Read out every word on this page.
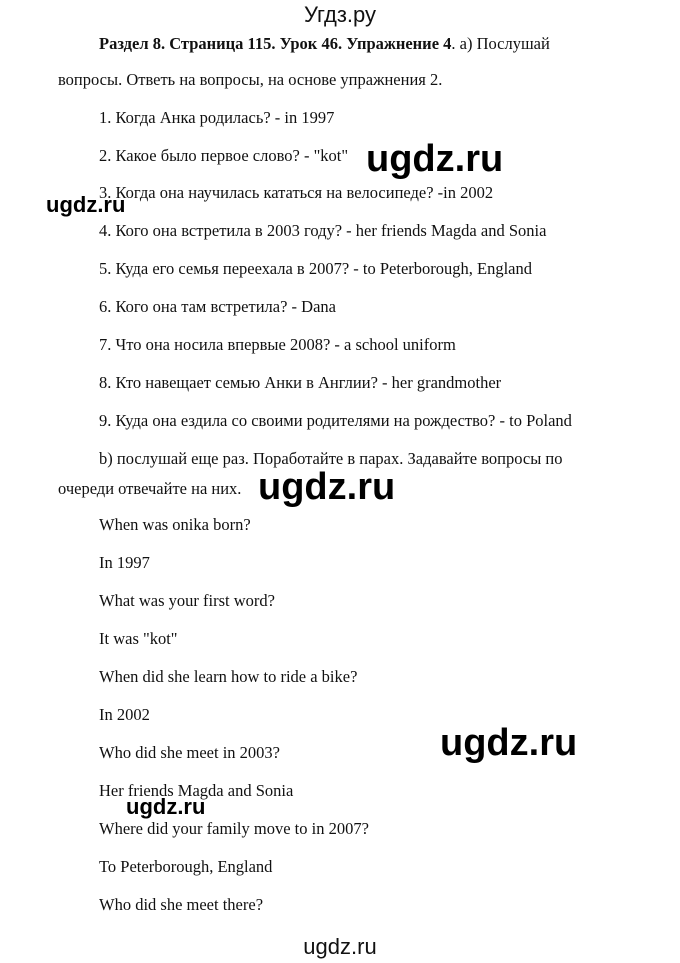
Угдз.ру
Раздел 8. Страница 115. Урок 46. Упражнение 4. а) Послушай
вопросы. Ответь на вопросы, на основе упражнения 2.
1. Когда Анка родилась? - in 1997
2. Какое было первое слово? - "kot"
3. Когда она научилась кататься на велосипеде? -in 2002
4. Кого она встретила в 2003 году? - her friends Magda and Sonia
5. Куда его семья переехала в 2007? - to Peterborough, England
6. Кого она там встретила? - Dana
7. Что она носила впервые 2008? - a school uniform
8. Кто навещает семью Анки в Англии? - her grandmother
9. Куда она ездила со своими родителями на рождество? - to Poland
b) послушай еще раз. Поработайте в парах. Задавайте вопросы по
очереди отвечайте на них.
When was onika born?
In 1997
What was your first word?
It was "kot"
When did she learn how to ride a bike?
In 2002
Who did she meet in 2003?
Her friends Magda and Sonia
Where did your family move to in 2007?
To Peterborough, England
Who did she meet there?
ugdz.ru
ugdz.ru
ugdz.ru
ugdz.ru
ugdz.ru
ugdz.ru
